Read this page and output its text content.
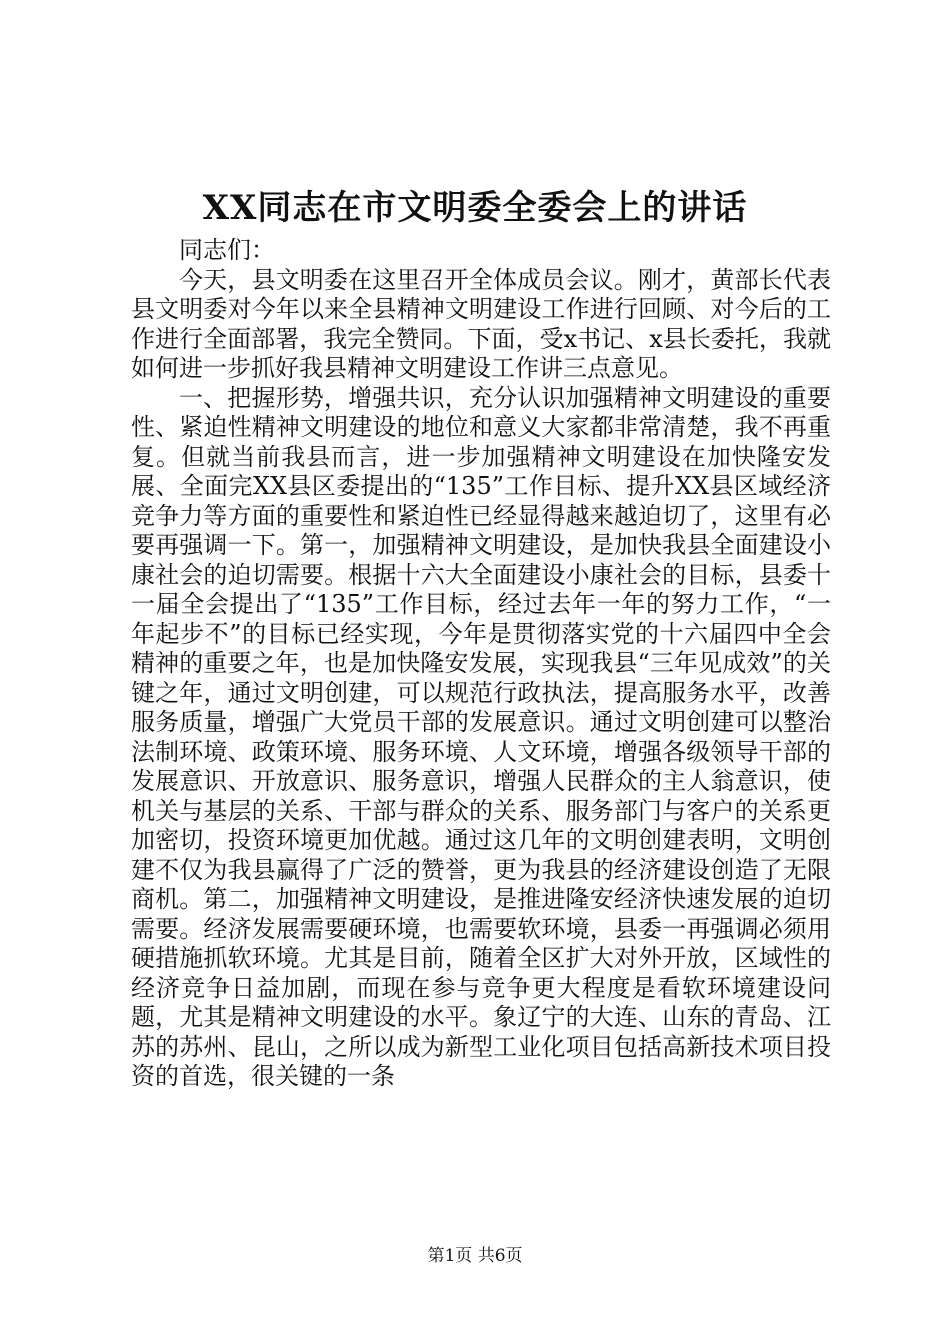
XX同志在市文明委全委会上的讲话

同志们：

今天，县文明委在这里召开全体成员会议。刚才，黄部长代表县文明委对今年以来全县精神文明建设工作进行回顾、对今后的工作进行全面部署，我完全赞同。下面，受x书记、x县长委托，我就如何进一步抓好我县精神文明建设工作讲三点意见。

一、把握形势，增强共识，充分认识加强精神文明建设的重要性、紧迫性精神文明建设的地位和意义大家都非常清楚，我不再重复。但就当前我县而言，进一步加强精神文明建设在加快隆安发展、全面完XX县区委提出的“135”工作目标、提升XX县区域经济竞争力等方面的重要性和紧迫性已经显得越来越迫切了，这里有必要再强调一下。第一，加强精神文明建设，是加快我县全面建设小康社会的迫切需要。根据十六大全面建设小康社会的目标，县委十一届全会提出了“135”工作目标，经过去年一年的努力工作，“一年起步不”的目标已经实现，今年是贯彻落实党的十六届四中全会精神的重要之年，也是加快隆安发展，实现我县“三年见成效”的关键之年，通过文明创建，可以规范行政执法，提高服务水平，改善服务质量，增强广大党员干部的发展意识。通过文明创建可以整治法制环境、政策环境、服务环境、人文环境，增强各级领导干部的发展意识、开放意识、服务意识，增强人民群众的主人翁意识，使机关与基层的关系、干部与群众的关系、服务部门与客户的关系更加密切，投资环境更加优越。通过这几年的文明创建表明，文明创建不仅为我县赢得了广泛的赞誉，更为我县的经济建设创造了无限商机。第二，加强精神文明建设，是推进隆安经济快速发展的迫切需要。经济发展需要硬环境，也需要软环境，县委一再强调必须用硬措施抓软环境。尤其是目前，随着全区扩大对外开放，区域性的经济竞争日益加剧，而现在参与竞争更大程度是看软环境建设问题，尤其是精神文明建设的水平。象辽宁的大连、山东的青岛、江苏的苏州、昆山，之所以成为新型工业化项目包括高新技术项目投资的首选，很关键的一条

第1页 共6页
